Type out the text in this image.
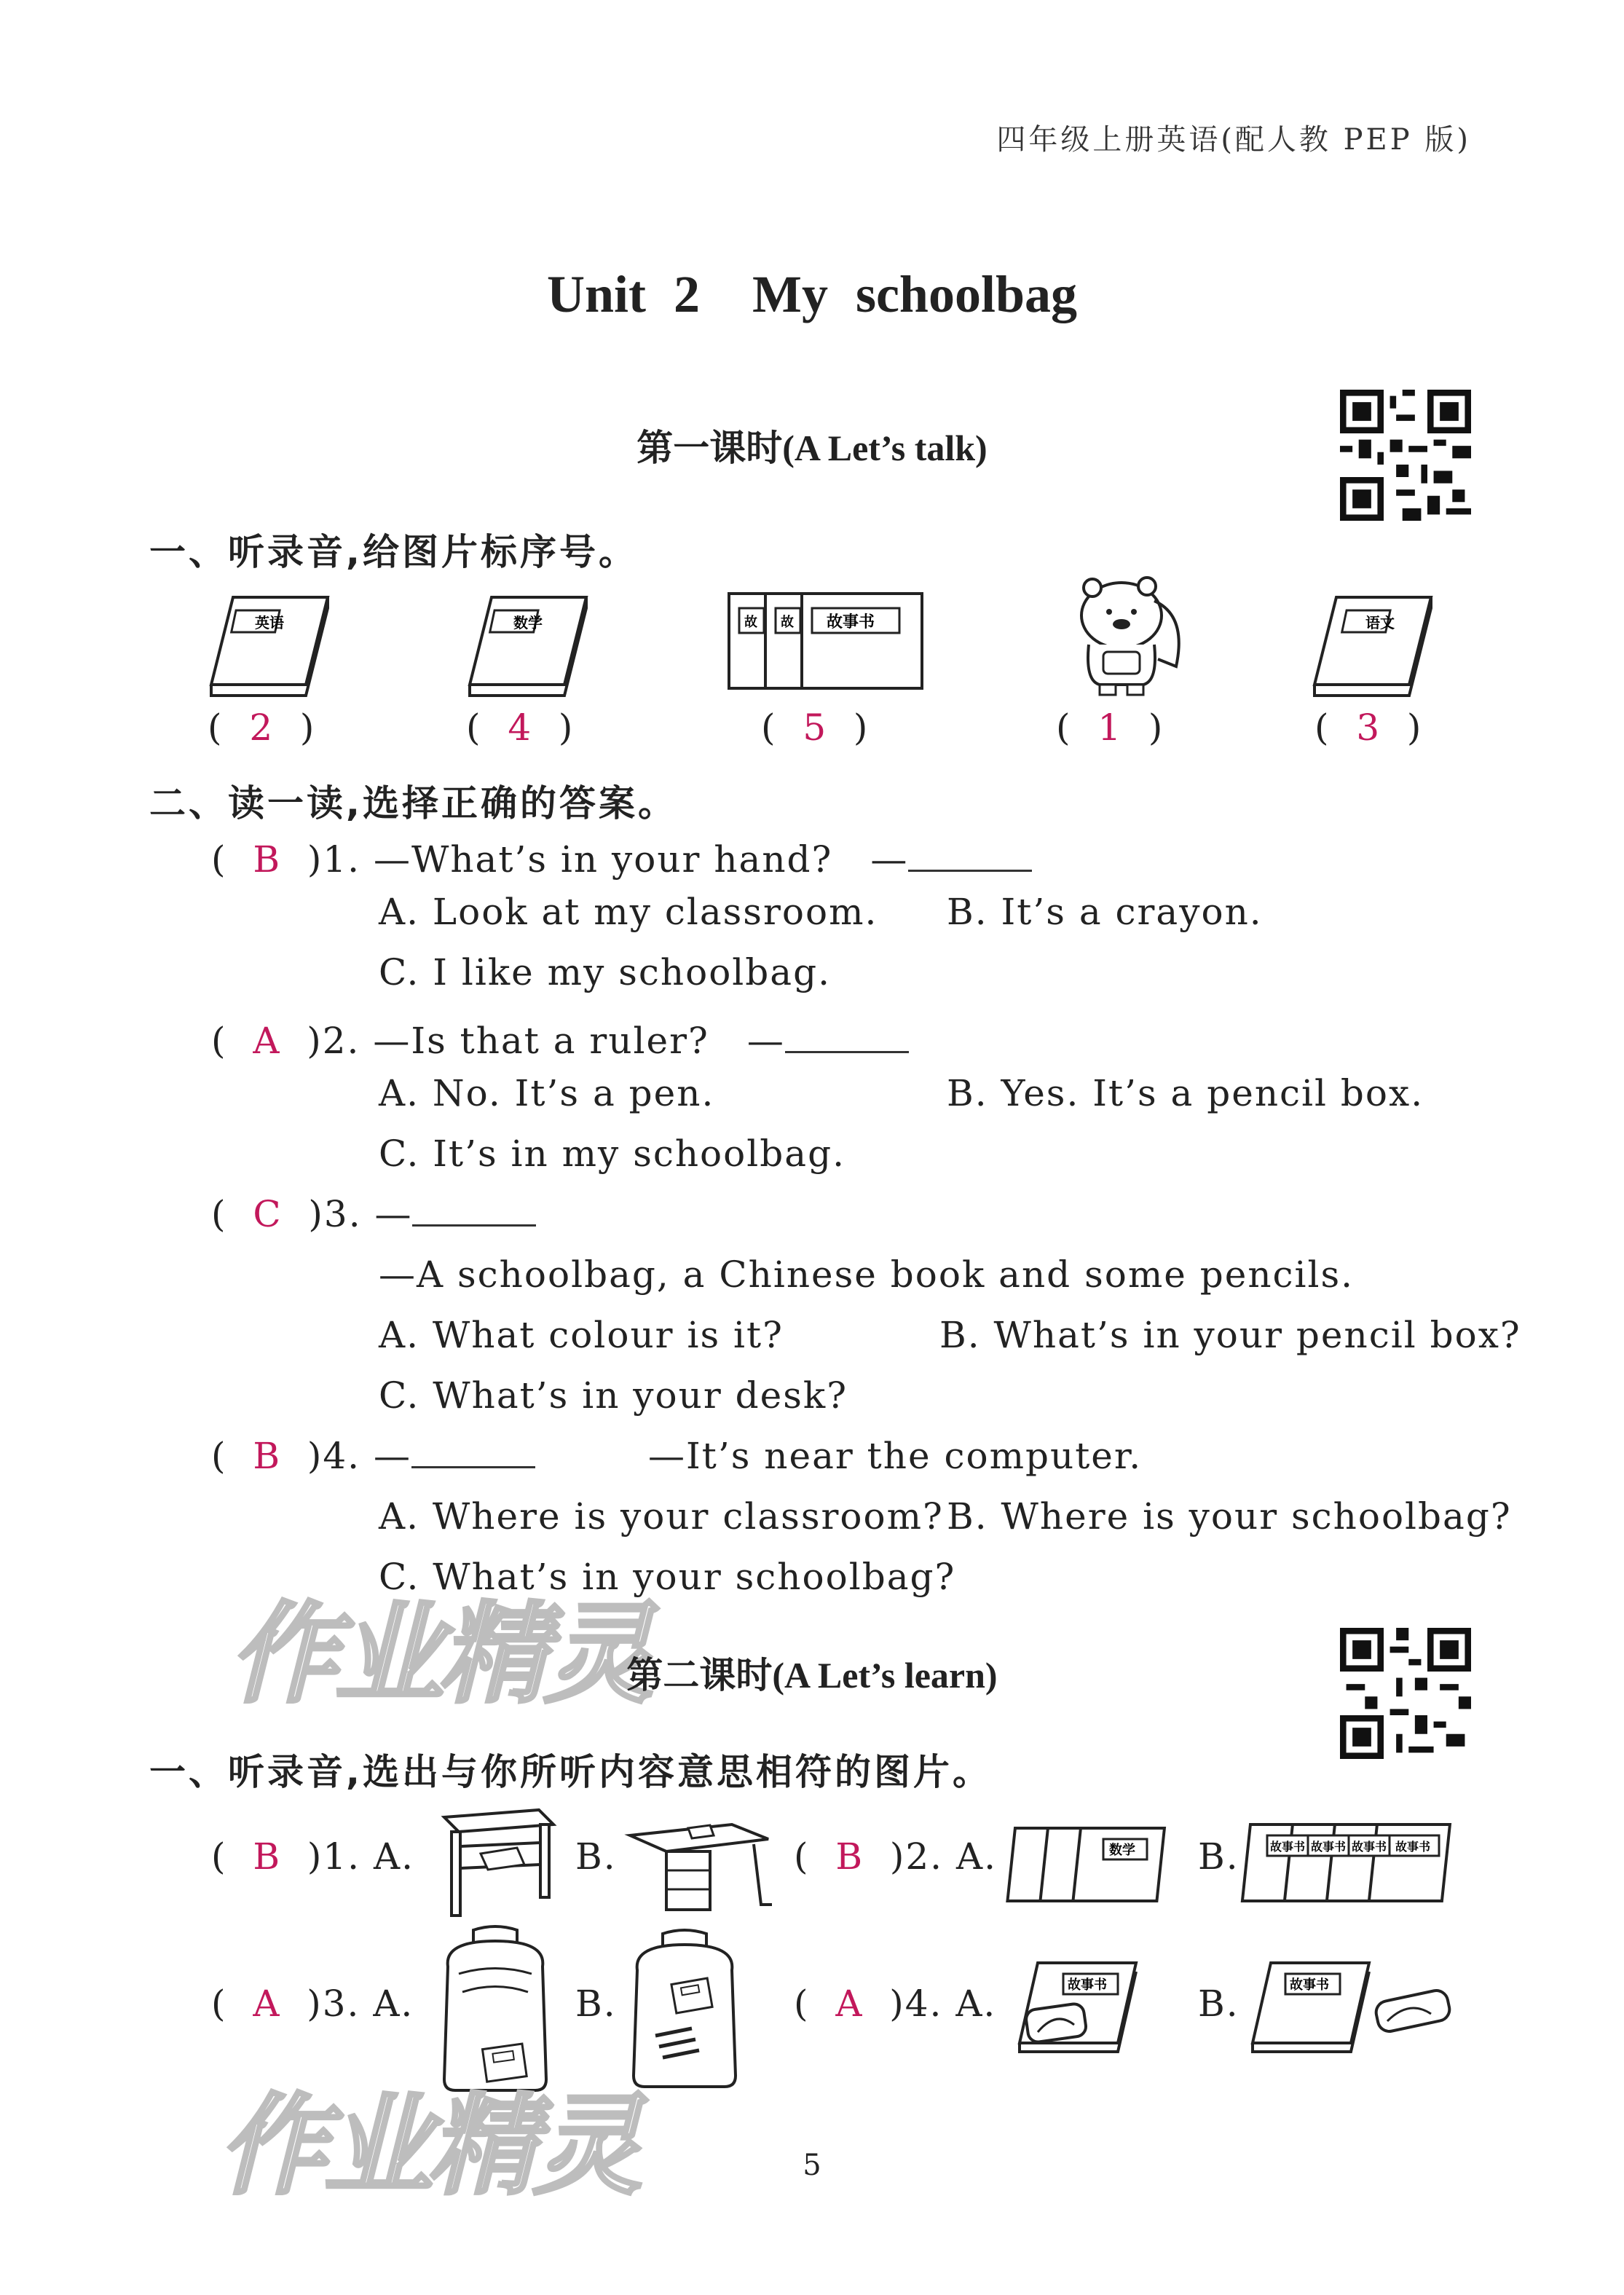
四年级上册英语(配人教 PEP 版)
Unit 2　My schoolbag
第一课时(A Let’s talk)
一、听录音,给图片标序号。
英语	数学	故 故 故事书	语文
( 2 )	( 4 )	( 5 )	( 1 )	( 3 )
二、读一读,选择正确的答案。
( B )1. —What’s in your hand?　—
A. Look at my classroom. B. It’s a crayon.
C. I like my schoolbag.
( A )2. —Is that a ruler?　—
A. No. It’s a pen.	B. Yes. It’s a pencil box.
C. It’s in my schoolbag.
( C )3. —
—A schoolbag, a Chinese book and some pencils.
A. What colour is it?	B. What’s in your pencil box?
C. What’s in your desk?
( B )4. —	—It’s near the computer.
A. Where is your classroom? B. Where is your schoolbag?
C. What’s in your schoolbag?
作业精灵
第二课时(A Let’s learn)
一、听录音,选出与你所听内容意思相符的图片。
( B )1. A.	B.	( B )2. A.	数学 B.	故事书 故事书 故事书 故事书
( A )3. A.	B.	( A )4. A.	故事书	B.	故事书
作业精灵	5
